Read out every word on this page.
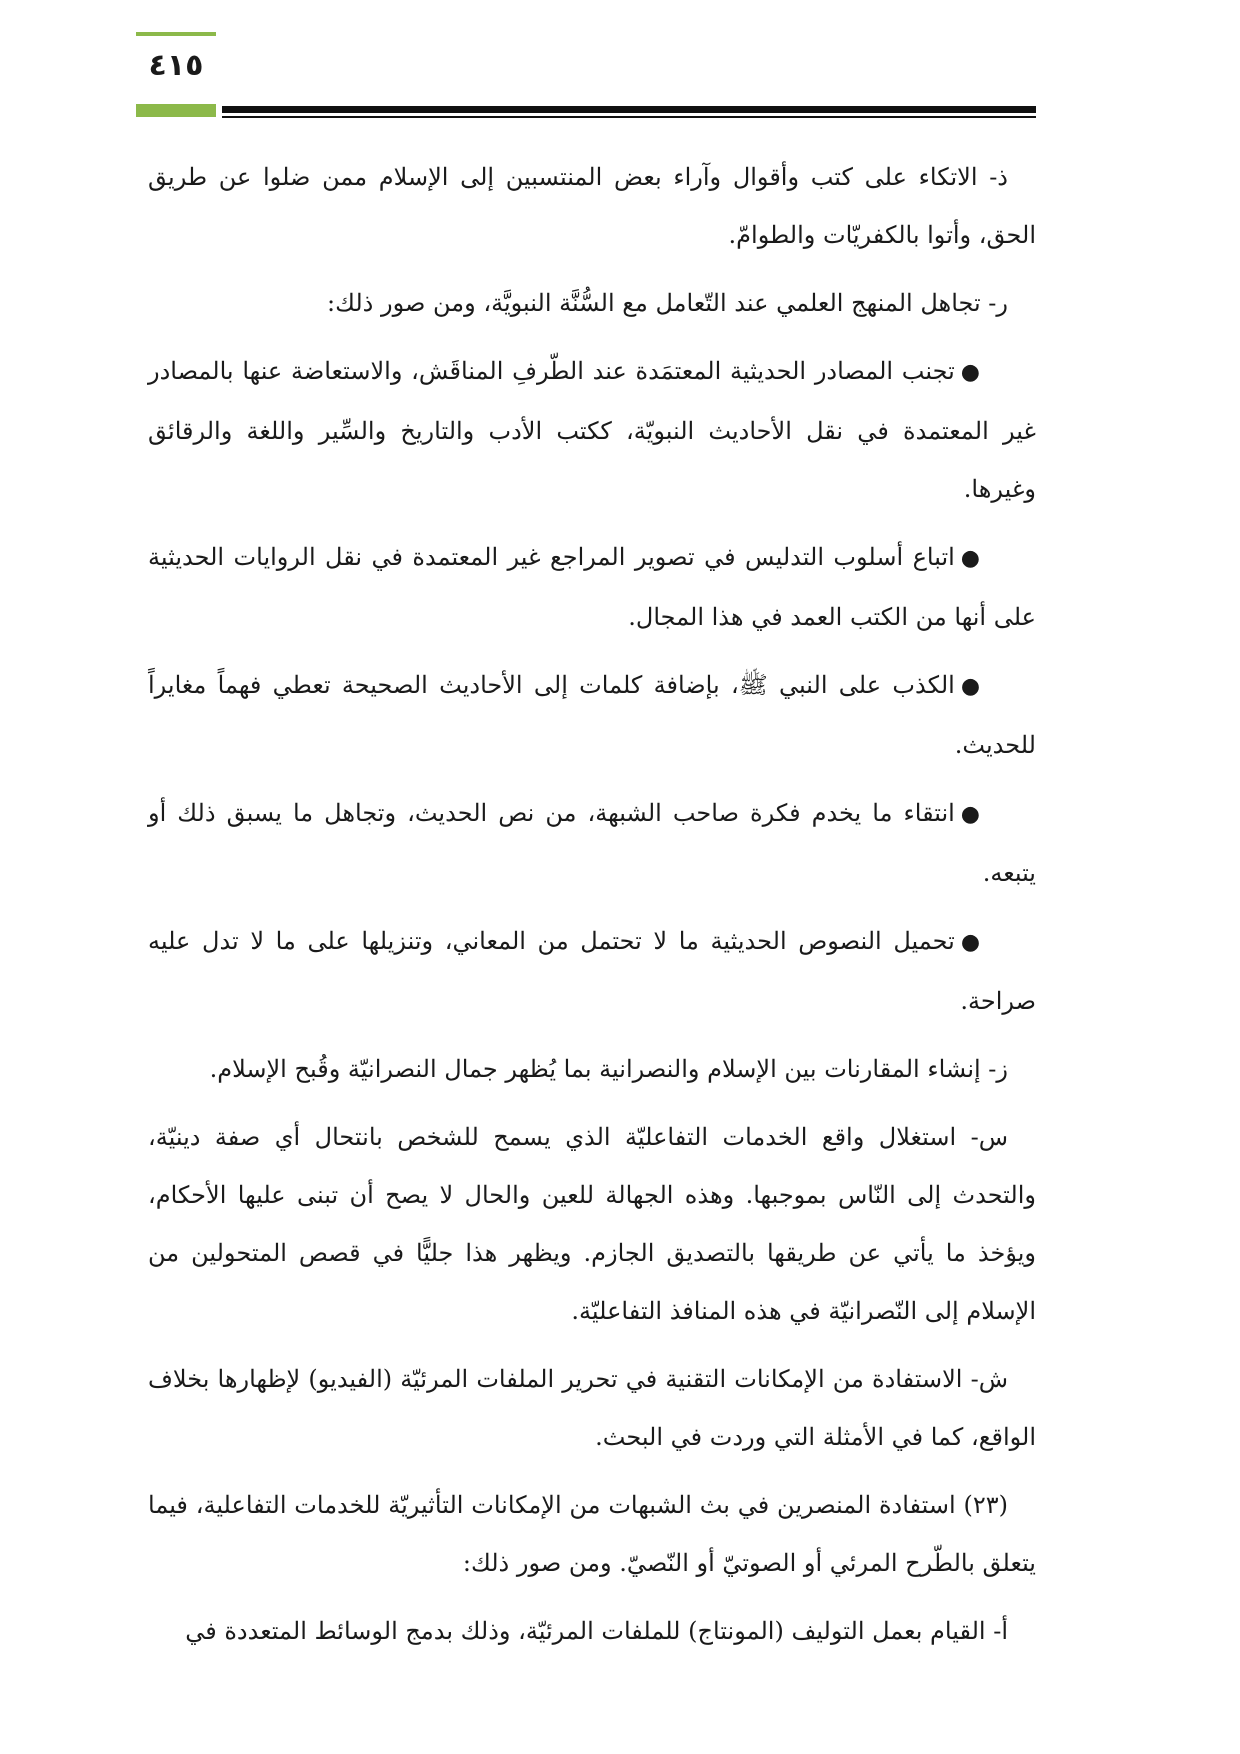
٤١٥

ذ- الاتكاء على كتب وأقوال وآراء بعض المنتسبين إلى الإسلام ممن ضلوا عن طريق الحق، وأتوا بالكفريّات والطوامّ.

ر- تجاهل المنهج العلمي عند التّعامل مع السُّنَّة النبويَّة، ومن صور ذلك:

●تجنب المصادر الحديثية المعتمَدة عند الطّرفِ المناقَش، والاستعاضة عنها بالمصادر غير المعتمدة في نقل الأحاديث النبويّة، ككتب الأدب والتاريخ والسِّير واللغة والرقائق وغيرها.

●اتباع أسلوب التدليس في تصوير المراجع غير المعتمدة في نقل الروايات الحديثية على أنها من الكتب العمد في هذا المجال.

●الكذب على النبي ﷺ، بإضافة كلمات إلى الأحاديث الصحيحة تعطي فهماً مغايراً للحديث.

●انتقاء ما يخدم فكرة صاحب الشبهة، من نص الحديث، وتجاهل ما يسبق ذلك أو يتبعه.

●تحميل النصوص الحديثية ما لا تحتمل من المعاني، وتنزيلها على ما لا تدل عليه صراحة.

ز- إنشاء المقارنات بين الإسلام والنصرانية بما يُظهر جمال النصرانيّة وقُبح الإسلام.

س- استغلال واقع الخدمات التفاعليّة الذي يسمح للشخص بانتحال أي صفة دينيّة، والتحدث إلى النّاس بموجبها. وهذه الجهالة للعين والحال لا يصح أن تبنى عليها الأحكام، ويؤخذ ما يأتي عن طريقها بالتصديق الجازم. ويظهر هذا جليًّا في قصص المتحولين من الإسلام إلى النّصرانيّة في هذه المنافذ التفاعليّة.

ش- الاستفادة من الإمكانات التقنية في تحرير الملفات المرئيّة (الفيديو) لإظهارها بخلاف الواقع، كما في الأمثلة التي وردت في البحث.

(٢٣) استفادة المنصرين في بث الشبهات من الإمكانات التأثيريّة للخدمات التفاعلية، فيما يتعلق بالطّرح المرئي أو الصوتيّ أو النّصيّ. ومن صور ذلك:

أ- القيام بعمل التوليف (المونتاج) للملفات المرئيّة، وذلك بدمج الوسائط المتعددة في
